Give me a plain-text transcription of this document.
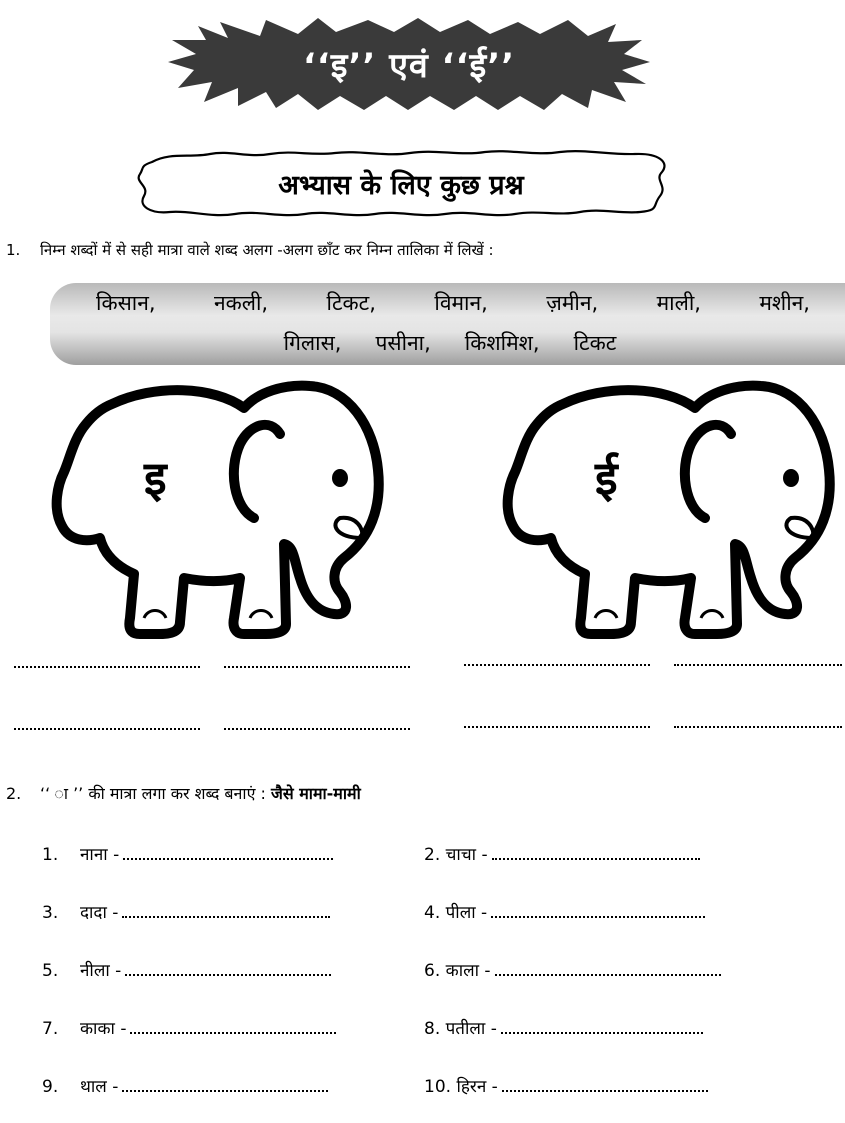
‘‘इ’’ एवं ‘‘ई’’
अभ्यास के लिए कुछ प्रश्न
1. निम्न शब्दों में से सही मात्रा वाले शब्द अलग -अलग छाँट कर निम्न तालिका में लिखें :
किसान,	नकली,	टिकट,	विमान,	ज़मीन,	माली,	मशीन,
गिलास, पसीना, किशमिश, टिकट
इ	ई
2. ‘‘ ा ’’ की मात्रा लगा कर शब्द बनाएं : जैसे मामा-मामी
1. नाना -	2. चाचा -
3. दादा -	4. पीला -
5. नीला -	6. काला -
7. काका -	8. पतीला -
9. थाल -	10. हिरन -
